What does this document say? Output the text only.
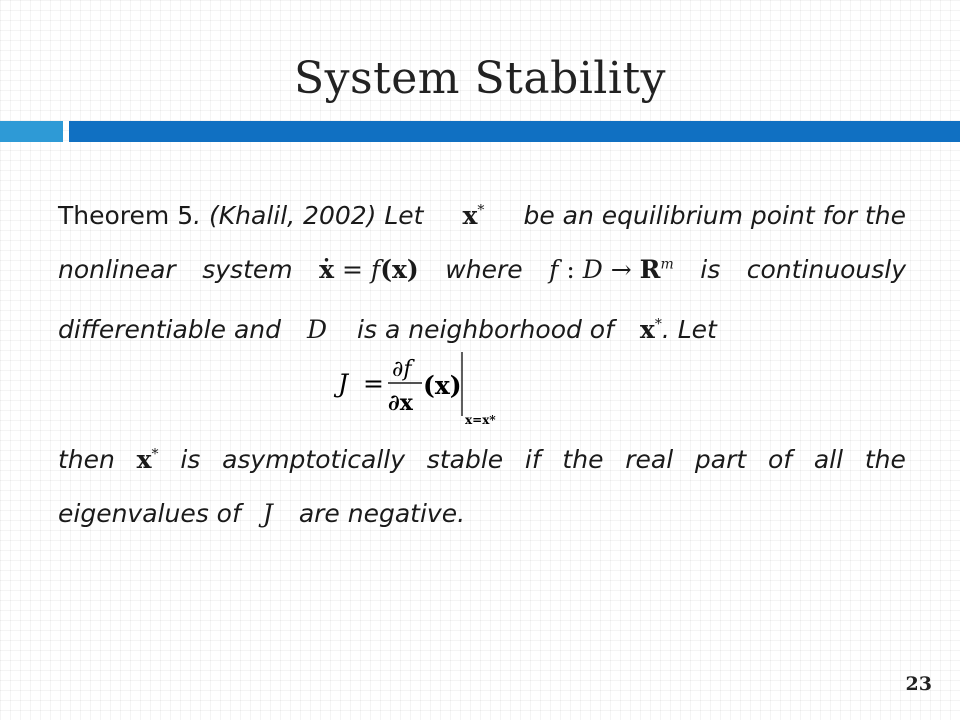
System Stability
Theorem 5. (Khalil, 2002) Let x* be an equilibrium point for the
nonlinear system ẋ = f(x) where f : $D \to R^m$ is continuously
differentiable and D is a neighborhood of x* . Let
J = ∂f
∂x
(x)
x=x*
then x* is asymptotically stable if the real part of all the
eigenvalues of J are negative.
23
